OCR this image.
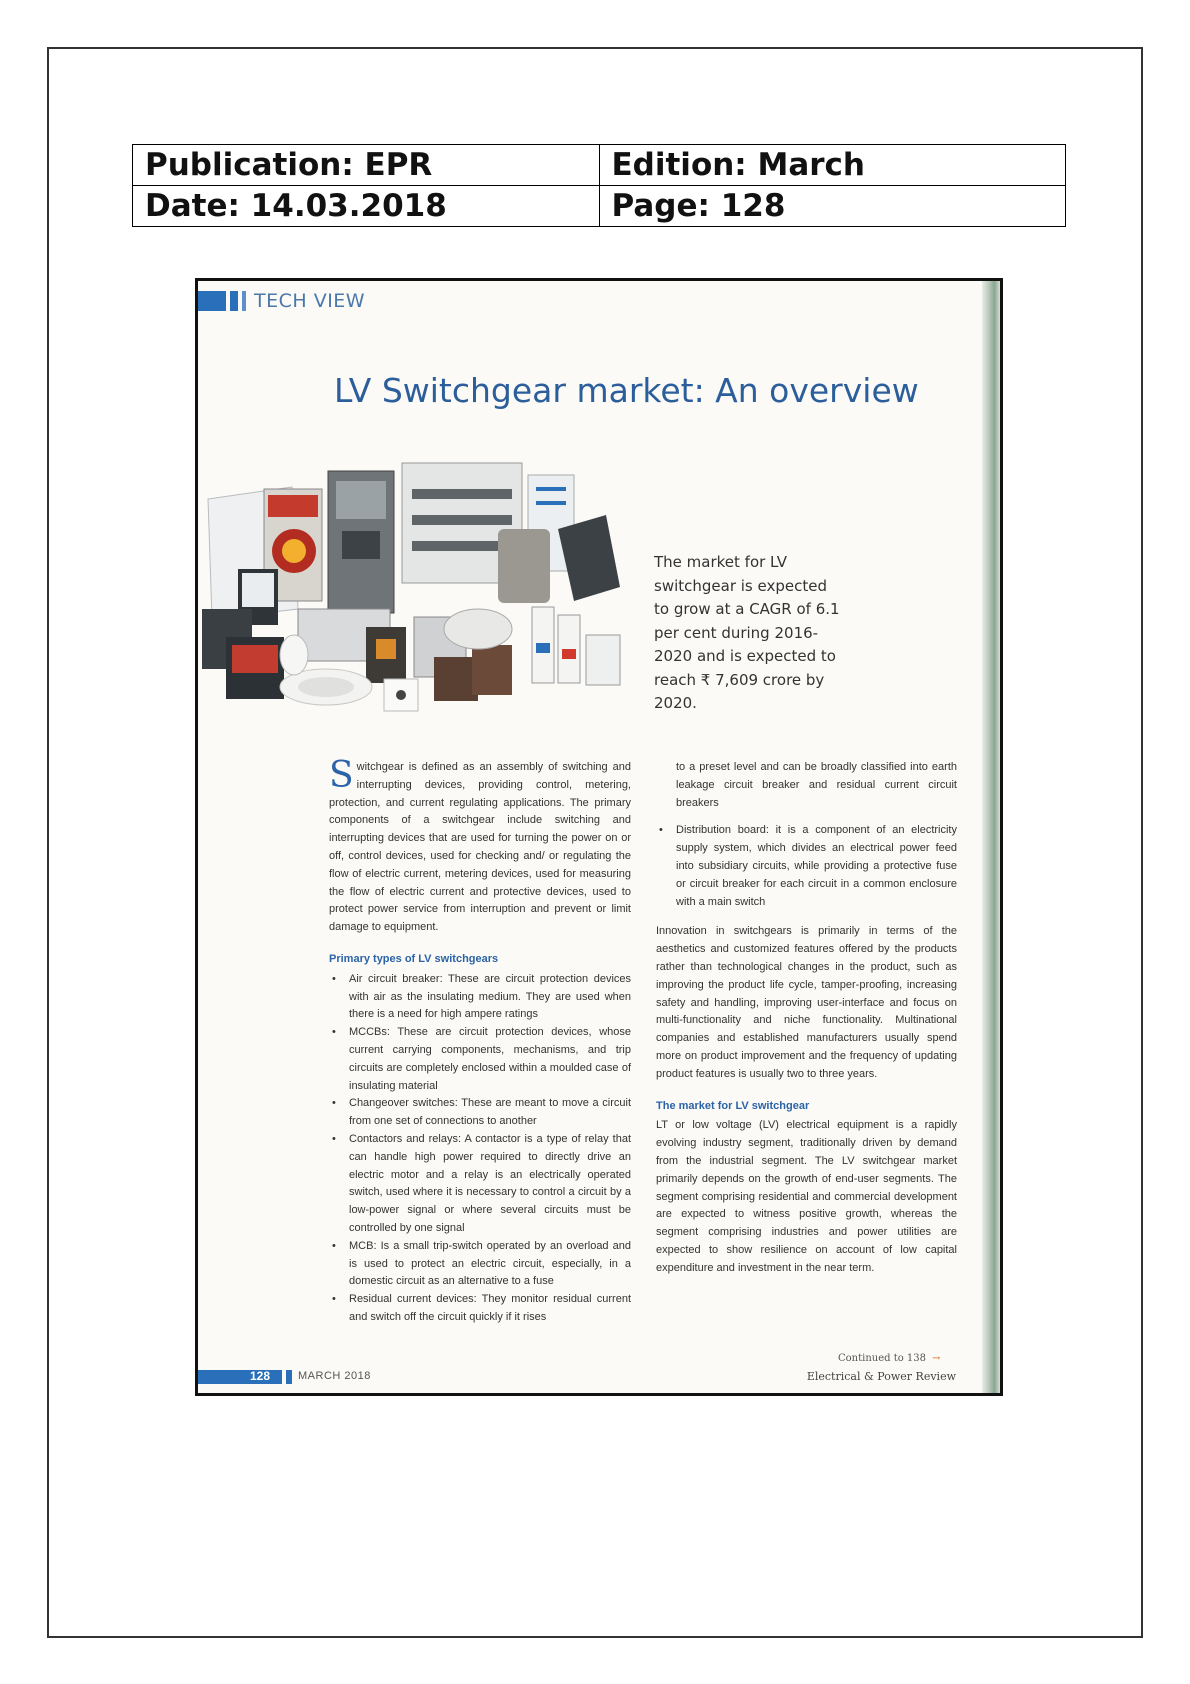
Publication: EPR	Edition: March
Date: 14.03.2018	Page: 128
TECH VIEW
LV Switchgear market: An overview
The market for LV switchgear is expected to grow at a CAGR of 6.1 per cent during 2016-2020 and is expected to reach ₹ 7,609 crore by 2020.

Switchgear is defined as an assembly of switching and interrupting devices, providing control, metering, protection, and current regulating applications. The primary components of a switchgear include switching and interrupting devices that are used for turning the power on or off, control devices, used for checking and/ or regulating the flow of electric current, metering devices, used for measuring the flow of electric current and protective devices, used to protect power service from interruption and prevent or limit damage to equipment.

Primary types of LV switchgears
• Air circuit breaker: These are circuit protection devices with air as the insulating medium. They are used when there is a need for high ampere ratings
• MCCBs: These are circuit protection devices, whose current carrying components, mechanisms, and trip circuits are completely enclosed within a moulded case of insulating material
• Changeover switches: These are meant to move a circuit from one set of connections to another
• Contactors and relays: A contactor is a type of relay that can handle high power required to directly drive an electric motor and a relay is an electrically operated switch, used where it is necessary to control a circuit by a low-power signal or where several circuits must be controlled by one signal
• MCB: Is a small trip-switch operated by an overload and is used to protect an electric circuit, especially, in a domestic circuit as an alternative to a fuse
• Residual current devices: They monitor residual current and switch off the circuit quickly if it rises

to a preset level and can be broadly classified into earth leakage circuit breaker and residual current circuit breakers

• Distribution board: it is a component of an electricity supply system, which divides an electrical power feed into subsidiary circuits, while providing a protective fuse or circuit breaker for each circuit in a common enclosure with a main switch

Innovation in switchgears is primarily in terms of the aesthetics and customized features offered by the products rather than technological changes in the product, such as improving the product life cycle, tamper-proofing, increasing safety and handling, improving user-interface and focus on multi-functionality and niche functionality. Multinational companies and established manufacturers usually spend more on product improvement and the frequency of updating product features is usually two to three years.

The market for LV switchgear

LT or low voltage (LV) electrical equipment is a rapidly evolving industry segment, traditionally driven by demand from the industrial segment. The LV switchgear market primarily depends on the growth of end-user segments. The segment comprising residential and commercial development are expected to witness positive growth, whereas the segment comprising industries and power utilities are expected to show resilience on account of low capital expenditure and investment in the near term.

Continued to 138 →
128	MARCH 2018	Electrical & Power Review
